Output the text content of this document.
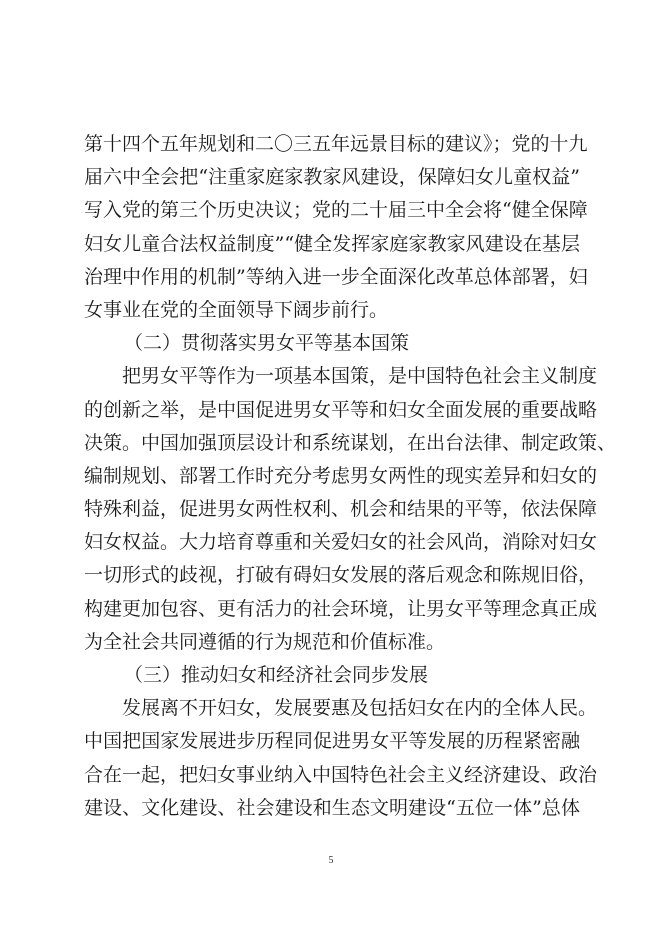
第十四个五年规划和二〇三五年远景目标的建议》；党的十九
届六中全会把“注重家庭家教家风建设，保障妇女儿童权益”
写入党的第三个历史决议；党的二十届三中全会将“健全保障
妇女儿童合法权益制度”“健全发挥家庭家教家风建设在基层
治理中作用的机制”等纳入进一步全面深化改革总体部署，妇
女事业在党的全面领导下阔步前行。
（二）贯彻落实男女平等基本国策
把男女平等作为一项基本国策，是中国特色社会主义制度
的创新之举，是中国促进男女平等和妇女全面发展的重要战略
决策。中国加强顶层设计和系统谋划，在出台法律、制定政策、
编制规划、部署工作时充分考虑男女两性的现实差异和妇女的
特殊利益，促进男女两性权利、机会和结果的平等，依法保障
妇女权益。大力培育尊重和关爱妇女的社会风尚，消除对妇女
一切形式的歧视，打破有碍妇女发展的落后观念和陈规旧俗，
构建更加包容、更有活力的社会环境，让男女平等理念真正成
为全社会共同遵循的行为规范和价值标准。
（三）推动妇女和经济社会同步发展
发展离不开妇女，发展要惠及包括妇女在内的全体人民。
中国把国家发展进步历程同促进男女平等发展的历程紧密融
合在一起，把妇女事业纳入中国特色社会主义经济建设、政治
建设、文化建设、社会建设和生态文明建设“五位一体”总体
5
